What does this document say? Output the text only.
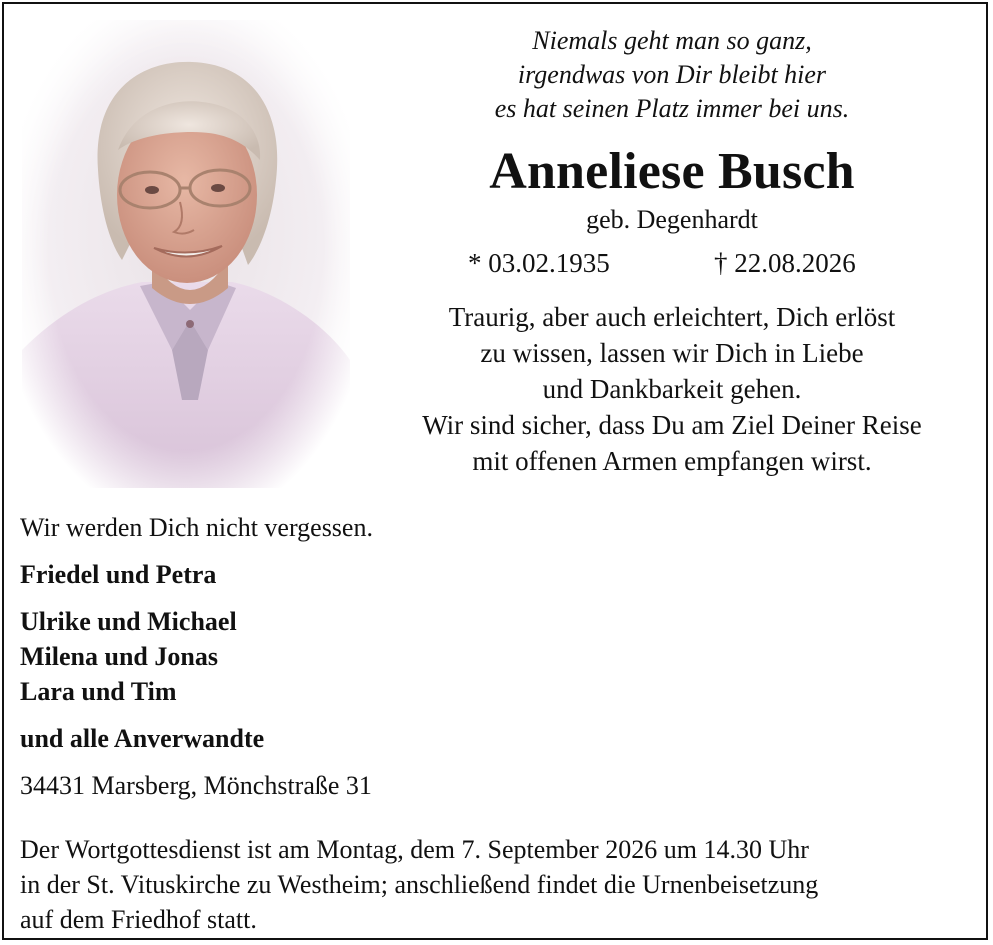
Niemals geht man so ganz,
irgendwas von Dir bleibt hier
es hat seinen Platz immer bei uns.
Anneliese Busch
geb. Degenhardt
* 03.02.1935	† 22.08.2026
Traurig, aber auch erleichtert, Dich erlöst
zu wissen, lassen wir Dich in Liebe
und Dankbarkeit gehen.
Wir sind sicher, dass Du am Ziel Deiner Reise
mit offenen Armen empfangen wirst.
Wir werden Dich nicht vergessen.
Friedel und Petra
Ulrike und Michael
Milena und Jonas
Lara und Tim
und alle Anverwandte
34431 Marsberg, Mönchstraße 31
Der Wortgottesdienst ist am Montag, dem 7. September 2026 um 14.30 Uhr
in der St. Vituskirche zu Westheim; anschließend findet die Urnenbeisetzung
auf dem Friedhof statt.
